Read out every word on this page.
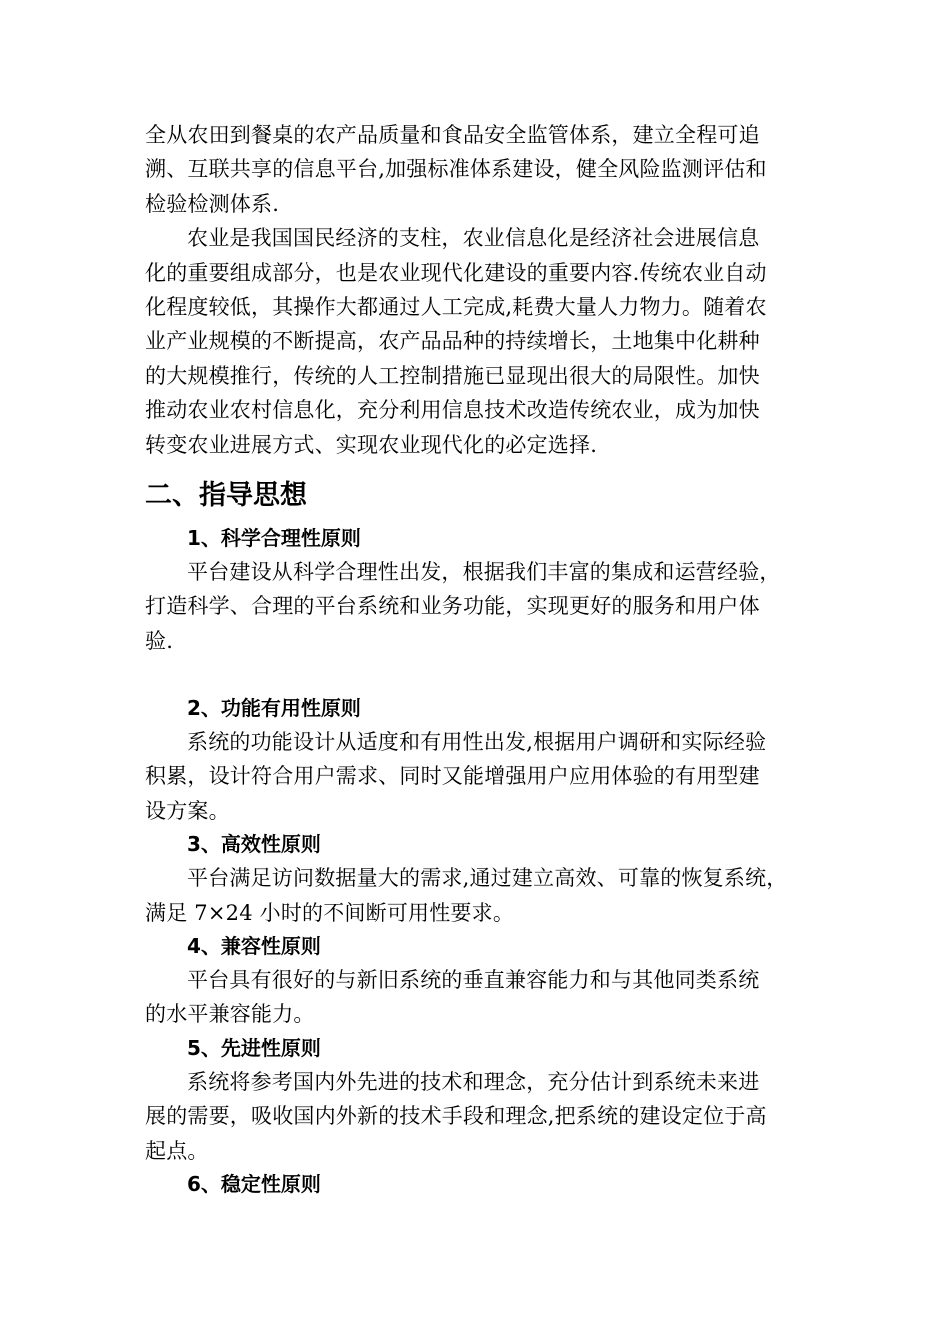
全从农田到餐桌的农产品质量和食品安全监管体系，建立全程可追
溯、互联共享的信息平台,加强标准体系建设，健全风险监测评估和
检验检测体系.
农业是我国国民经济的支柱，农业信息化是经济社会进展信息
化的重要组成部分，也是农业现代化建设的重要内容.传统农业自动
化程度较低，其操作大都通过人工完成,耗费大量人力物力。随着农
业产业规模的不断提高，农产品品种的持续增长，土地集中化耕种
的大规模推行，传统的人工控制措施已显现出很大的局限性。加快
推动农业农村信息化，充分利用信息技术改造传统农业，成为加快
转变农业进展方式、实现农业现代化的必定选择.
二、指导思想
1、科学合理性原则
平台建设从科学合理性出发，根据我们丰富的集成和运营经验，
打造科学、合理的平台系统和业务功能，实现更好的服务和用户体
验.
2、功能有用性原则
系统的功能设计从适度和有用性出发,根据用户调研和实际经验
积累，设计符合用户需求、同时又能增强用户应用体验的有用型建
设方案。
3、高效性原则
平台满足访问数据量大的需求,通过建立高效、可靠的恢复系统，
满足 7×24 小时的不间断可用性要求。
4、兼容性原则
平台具有很好的与新旧系统的垂直兼容能力和与其他同类系统
的水平兼容能力。
5、先进性原则
系统将参考国内外先进的技术和理念，充分估计到系统未来进
展的需要，吸收国内外新的技术手段和理念,把系统的建设定位于高
起点。
6、稳定性原则
